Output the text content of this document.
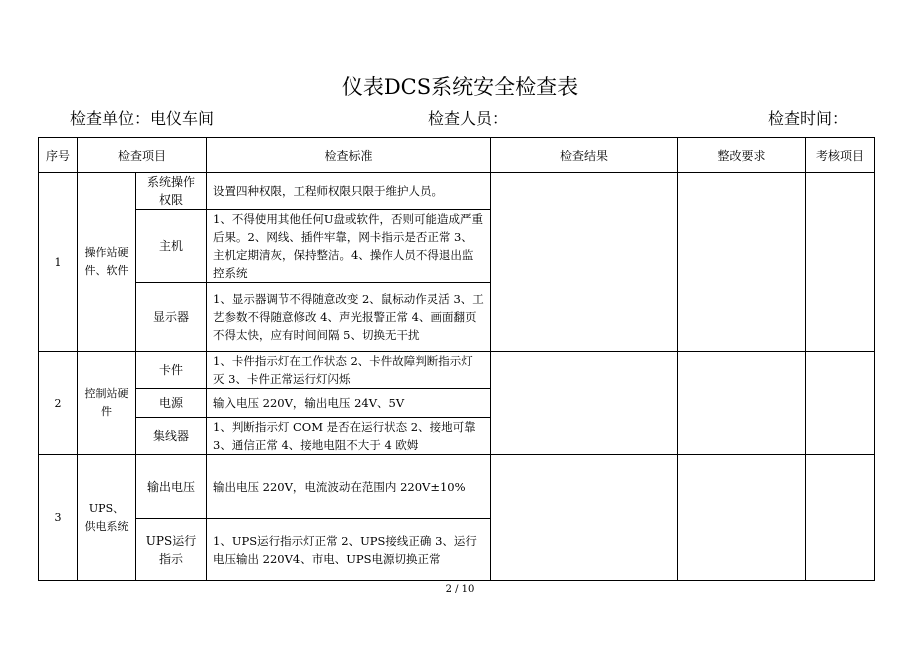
仪表DCS系统安全检查表
检查单位：电仪车间	检查人员：	检查时间：
序号	检查项目		检查标准	检查结果	整改要求	考核项目
1	操作站硬件、软件	系统操作权限	设置四种权限，工程师权限只限于维护人员。			
		主机	1、不得使用其他任何U盘或软件，否则可能造成严重后果。2、网线、插件牢靠，网卡指示是否正常 3、主机定期清灰，保持整洁。4、操作人员不得退出监控系统			
		显示器	1、显示器调节不得随意改变 2、鼠标动作灵活 3、工艺参数不得随意修改 4、声光报警正常 4、画面翻页不得太快，应有时间间隔 5、切换无干扰			
2	控制站硬件	卡件	1、卡件指示灯在工作状态 2、卡件故障判断指示灯灭 3、卡件正常运行灯闪烁			
		电源	输入电压 220V，输出电压 24V、5V			
		集线器	1、判断指示灯 COM 是否在运行状态 2、接地可靠 3、通信正常 4、接地电阻不大于 4 欧姆			
3	UPS、供电系统	输出电压	输出电压 220V，电流波动在范围内 220V±10%			
		UPS运行指示	1、UPS运行指示灯正常 2、UPS接线正确 3、运行电压输出 220V4、市电、UPS电源切换正常			
2 / 10
